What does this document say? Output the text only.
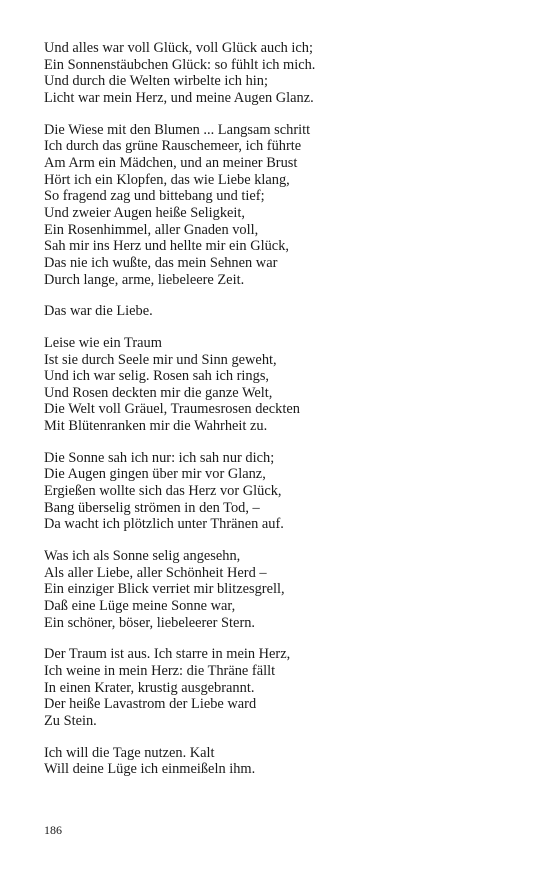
Und alles war voll Glück, voll Glück auch ich;
Ein Sonnenstäubchen Glück: so fühlt ich mich.
Und durch die Welten wirbelte ich hin;
Licht war mein Herz, und meine Augen Glanz.
Die Wiese mit den Blumen ... Langsam schritt
Ich durch das grüne Rauschemeer, ich führte
Am Arm ein Mädchen, und an meiner Brust
Hört ich ein Klopfen, das wie Liebe klang,
So fragend zag und bittebang und tief;
Und zweier Augen heiße Seligkeit,
Ein Rosenhimmel, aller Gnaden voll,
Sah mir ins Herz und hellte mir ein Glück,
Das nie ich wußte, das mein Sehnen war
Durch lange, arme, liebeleere Zeit.
Das war die Liebe.
Leise wie ein Traum
Ist sie durch Seele mir und Sinn geweht,
Und ich war selig. Rosen sah ich rings,
Und Rosen deckten mir die ganze Welt,
Die Welt voll Gräuel, Traumesrosen deckten
Mit Blütenranken mir die Wahrheit zu.
Die Sonne sah ich nur: ich sah nur dich;
Die Augen gingen über mir vor Glanz,
Ergießen wollte sich das Herz vor Glück,
Bang überselig strömen in den Tod, –
Da wacht ich plötzlich unter Thränen auf.
Was ich als Sonne selig angesehn,
Als aller Liebe, aller Schönheit Herd –
Ein einziger Blick verriet mir blitzesgrell,
Daß eine Lüge meine Sonne war,
Ein schöner, böser, liebeleerer Stern.
Der Traum ist aus. Ich starre in mein Herz,
Ich weine in mein Herz: die Thräne fällt
In einen Krater, krustig ausgebrannt.
Der heiße Lavastrom der Liebe ward
Zu Stein.
Ich will die Tage nutzen. Kalt
Will deine Lüge ich einmeißeln ihm.
186
